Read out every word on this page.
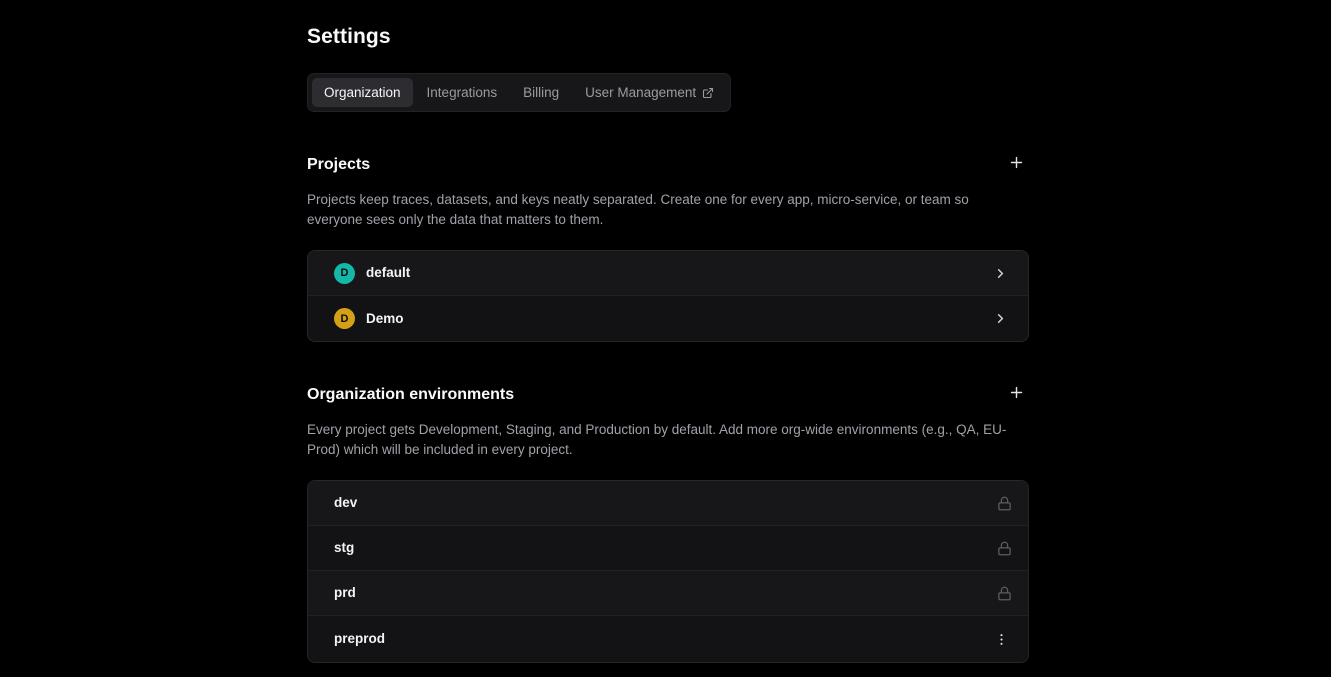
Settings
Organization Integrations Billing User Management
Projects
Projects keep traces, datasets, and keys neatly separated. Create one for every app, micro-service, or team so everyone sees only the data that matters to them.
D default
D Demo
Organization environments
Every project gets Development, Staging, and Production by default. Add more org-wide environments (e.g., QA, EU-Prod) which will be included in every project.
dev
stg
prd
preprod
